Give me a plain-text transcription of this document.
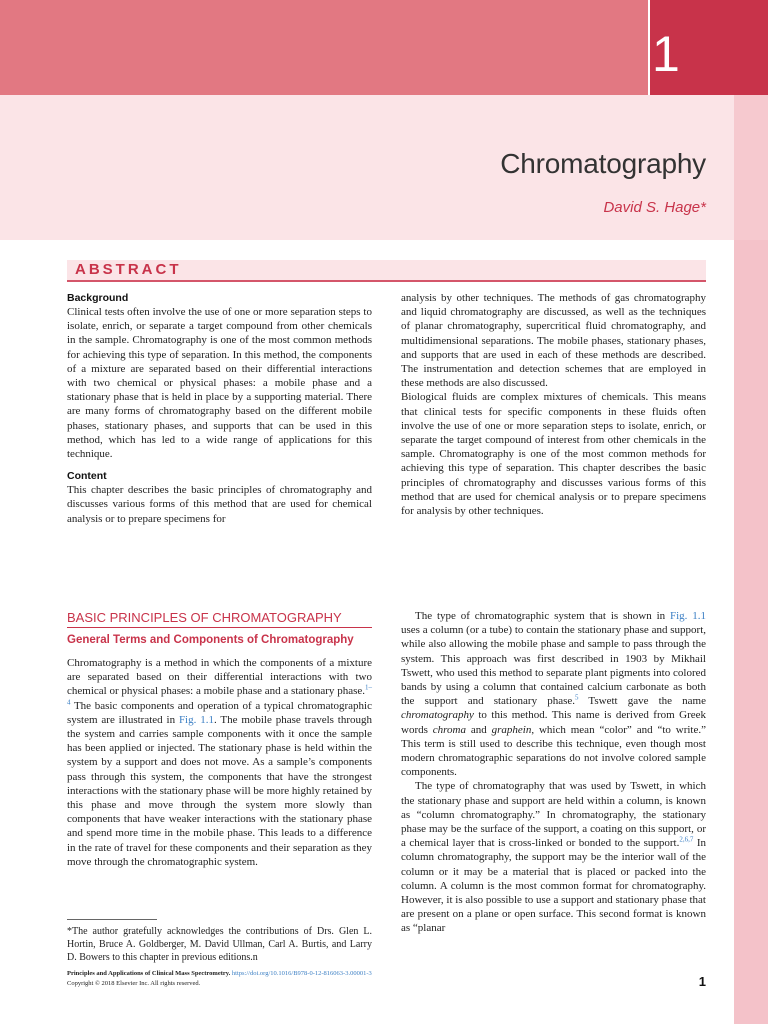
1
Chromatography
David S. Hage*
ABSTRACT
Background

Clinical tests often involve the use of one or more separation steps to isolate, enrich, or separate a target compound from other chemicals in the sample. Chromatography is one of the most common methods for achieving this type of separation. In this method, the components of a mixture are separated based on their differential interactions with two chemical or physical phases: a mobile phase and a stationary phase that is held in place by a supporting material. There are many forms of chromatography based on the different mobile phases, stationary phases, and supports that can be used in this method, which has led to a wide range of applications for this technique.

Content

This chapter describes the basic principles of chromatography and discusses various forms of this method that are used for chemical analysis or to prepare specimens for

analysis by other techniques. The methods of gas chromatography and liquid chromatography are discussed, as well as the techniques of planar chromatography, supercritical fluid chromatography, and multidimensional separations. The mobile phases, stationary phases, and supports that are used in each of these methods are described. The instrumentation and detection schemes that are employed in these methods are also discussed.

Biological fluids are complex mixtures of chemicals. This means that clinical tests for specific components in these fluids often involve the use of one or more separation steps to isolate, enrich, or separate the target compound of interest from other chemicals in the sample. Chromatography is one of the most common methods for achieving this type of separation. This chapter describes the basic principles of chromatography and discusses various forms of this method that are used for chemical analysis or to prepare specimens for analysis by other techniques.

BASIC PRINCIPLES OF CHROMATOGRAPHY
General Terms and Components of Chromatography

Chromatography is a method in which the components of a mixture are separated based on their differential interactions with two chemical or physical phases: a mobile phase and a stationary phase.$^{1-4}$ The basic components and operation of a typical chromatographic system are illustrated in Fig. 1.1. The mobile phase travels through the system and carries sample components with it once the sample has been applied or injected. The stationary phase is held within the system by a support and does not move. As a sample’s components pass through this system, the components that have the strongest interactions with the stationary phase will be more highly retained by this phase and move through the system more slowly than components that have weaker interactions with the stationary phase and spend more time in the mobile phase. This leads to a difference in the rate of travel for these components and their separation as they move through the chromatographic system.

The type of chromatographic system that is shown in Fig. 1.1 uses a column (or a tube) to contain the stationary phase and support, while also allowing the mobile phase and sample to pass through the system. This approach was first described in 1903 by Mikhail Tswett, who used this method to separate plant pigments into colored bands by using a column that contained calcium carbonate as both the support and stationary phase.$^5$ Tswett gave the name chromatography to this method. This name is derived from Greek words chroma and graphein, which mean “color” and “to write.” This term is still used to describe this technique, even though most modern chromatographic separations do not involve colored sample components.

The type of chromatography that was used by Tswett, in which the stationary phase and support are held within a column, is known as “column chromatography.” In chromatography, the stationary phase may be the surface of the support, a coating on this support, or a chemical layer that is cross-linked or bonded to the support.$^{2,6,7}$ In column chromatography, the support may be the interior wall of the column or it may be a material that is placed or packed into the column. A column is the most common format for chromatography. However, it is also possible to use a support and stationary phase that are present on a plane or open surface. This second format is known as “planar

*The author gratefully acknowledges the contributions of Drs. Glen L. Hortin, Bruce A. Goldberger, M. David Ullman, Carl A. Burtis, and Larry D. Bowers to this chapter in previous editions.n
Principles and Applications of Clinical Mass Spectrometry. https://doi.org/10.1016/B978-0-12-816063-3.00001-3
Copyright © 2018 Elsevier Inc. All rights reserved.	1
